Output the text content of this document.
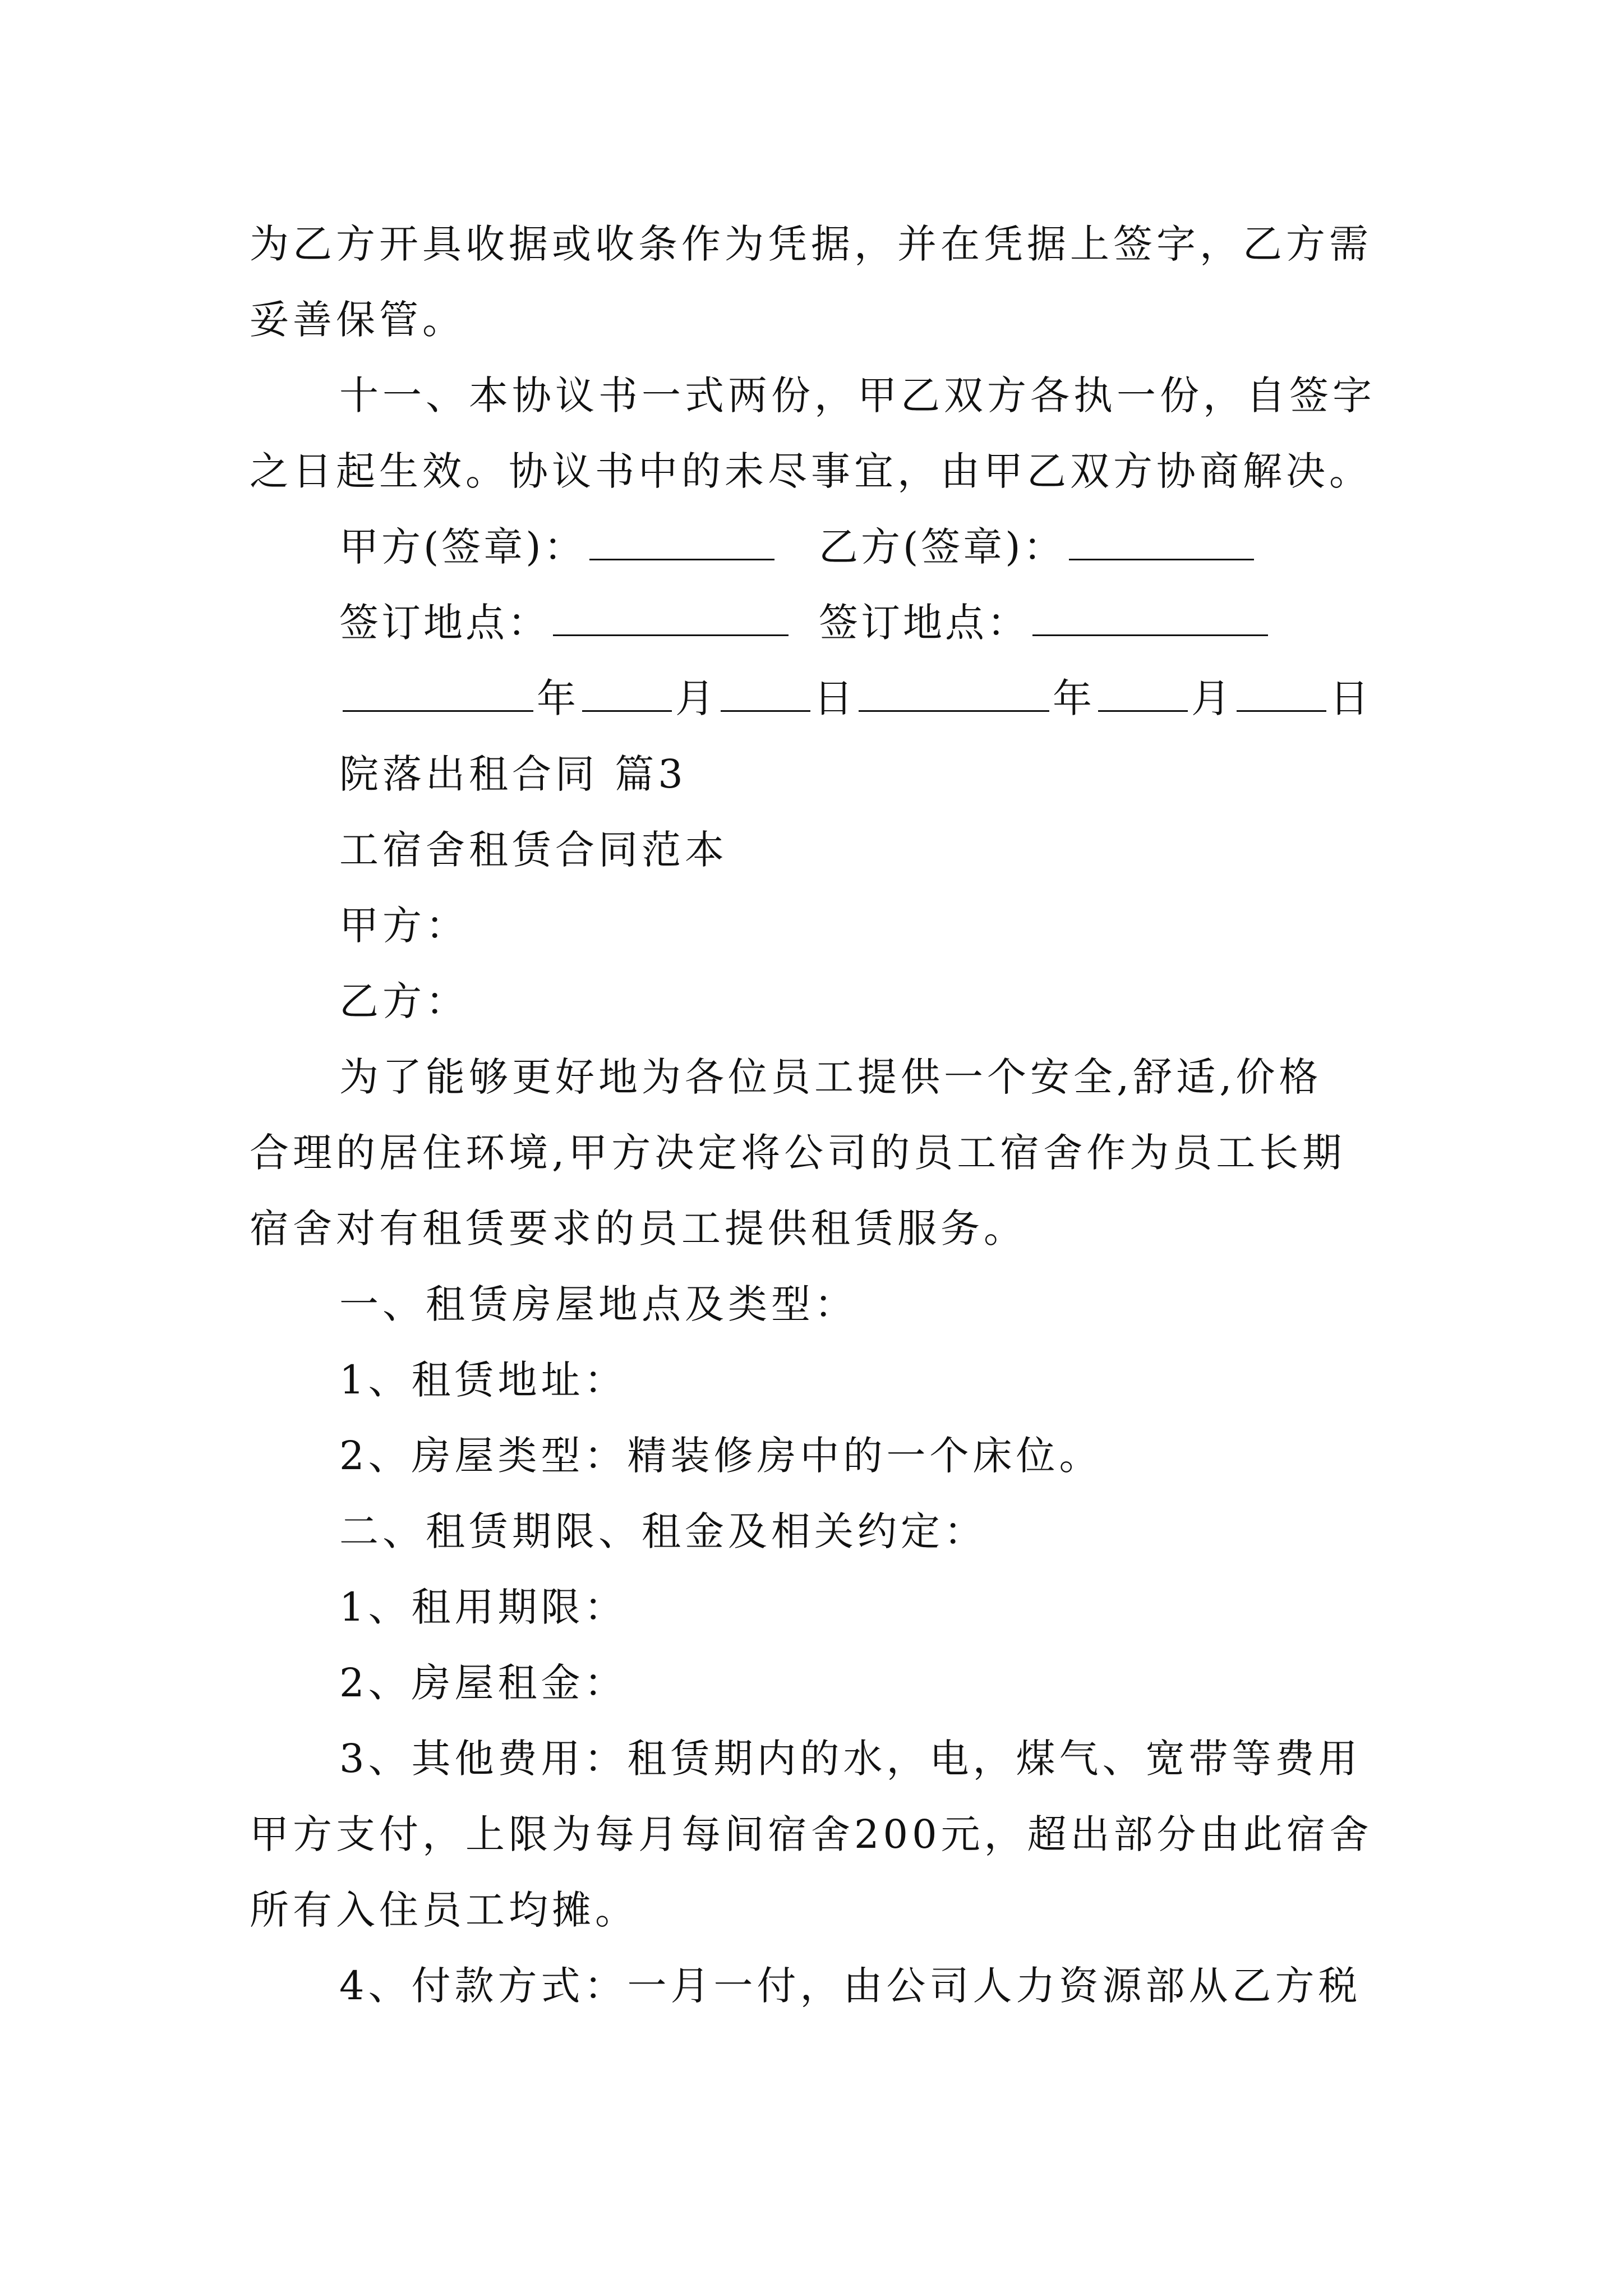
为乙方开具收据或收条作为凭据，并在凭据上签字，乙方需
妥善保管。
十一、本协议书一式两份，甲乙双方各执一份，自签字
之日起生效。协议书中的未尽事宜，由甲乙双方协商解决。
甲方(签章)：	乙方(签章)：
签订地点：	签订地点：
年 月 日	年 月 日
院落出租合同 篇3
工宿舍租赁合同范本
甲方：
乙方：
为了能够更好地为各位员工提供一个安全,舒适,价格
合理的居住环境,甲方决定将公司的员工宿舍作为员工长期
宿舍对有租赁要求的员工提供租赁服务。
一、租赁房屋地点及类型：
1、租赁地址：
2、房屋类型：精装修房中的一个床位。
二、租赁期限、租金及相关约定：
1、租用期限：
2、房屋租金：
3、其他费用：租赁期内的水，电，煤气、宽带等费用
甲方支付，上限为每月每间宿舍200元，超出部分由此宿舍
所有入住员工均摊。
4、付款方式：一月一付，由公司人力资源部从乙方税
